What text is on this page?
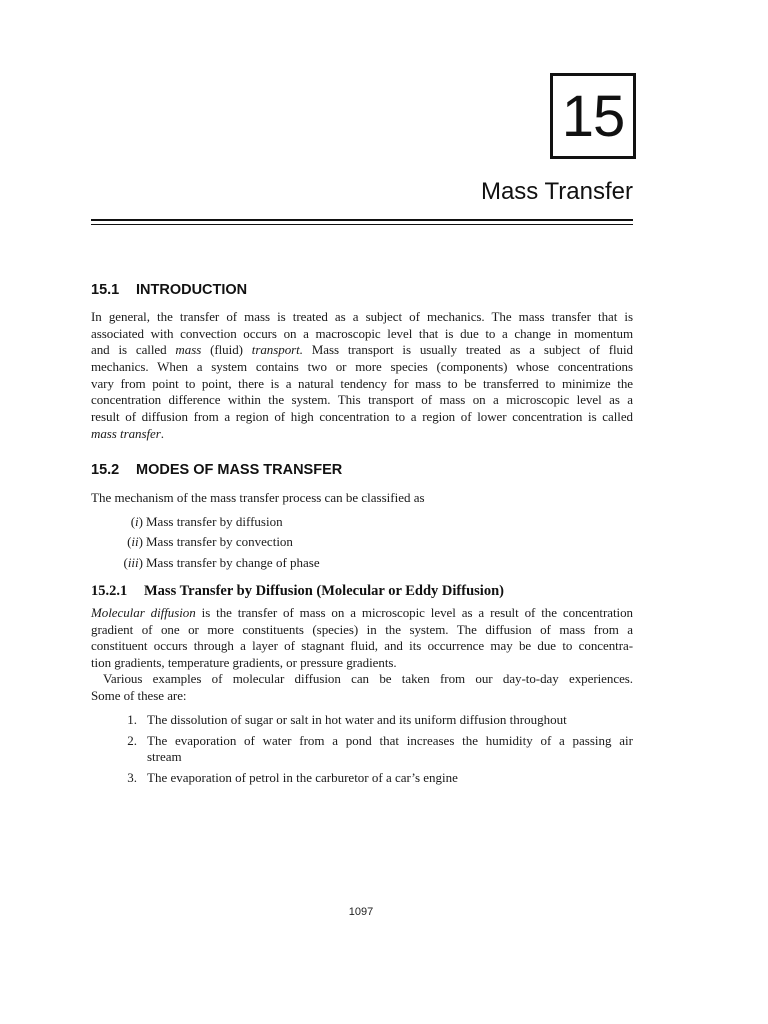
15
Mass Transfer
15.1 INTRODUCTION
In general, the transfer of mass is treated as a subject of mechanics. The mass transfer that is
associated with convection occurs on a macroscopic level that is due to a change in momentum
and is called mass (fluid) transport. Mass transport is usually treated as a subject of fluid
mechanics. When a system contains two or more species (components) whose concentrations
vary from point to point, there is a natural tendency for mass to be transferred to minimize the
concentration difference within the system. This transport of mass on a microscopic level as a
result of diffusion from a region of high concentration to a region of lower concentration is called
mass transfer.
15.2 MODES OF MASS TRANSFER
The mechanism of the mass transfer process can be classified as
(i) Mass transfer by diffusion
(ii) Mass transfer by convection
(iii) Mass transfer by change of phase
15.2.1 Mass Transfer by Diffusion (Molecular or Eddy Diffusion)
Molecular diffusion is the transfer of mass on a microscopic level as a result of the concentration
gradient of one or more constituents (species) in the system. The diffusion of mass from a
constituent occurs through a layer of stagnant fluid, and its occurrence may be due to concentra-
tion gradients, temperature gradients, or pressure gradients.
Various examples of molecular diffusion can be taken from our day-to-day experiences.
Some of these are:
1. The dissolution of sugar or salt in hot water and its uniform diffusion throughout
2. The evaporation of water from a pond that increases the humidity of a passing air
stream
3. The evaporation of petrol in the carburetor of a car’s engine
1097
